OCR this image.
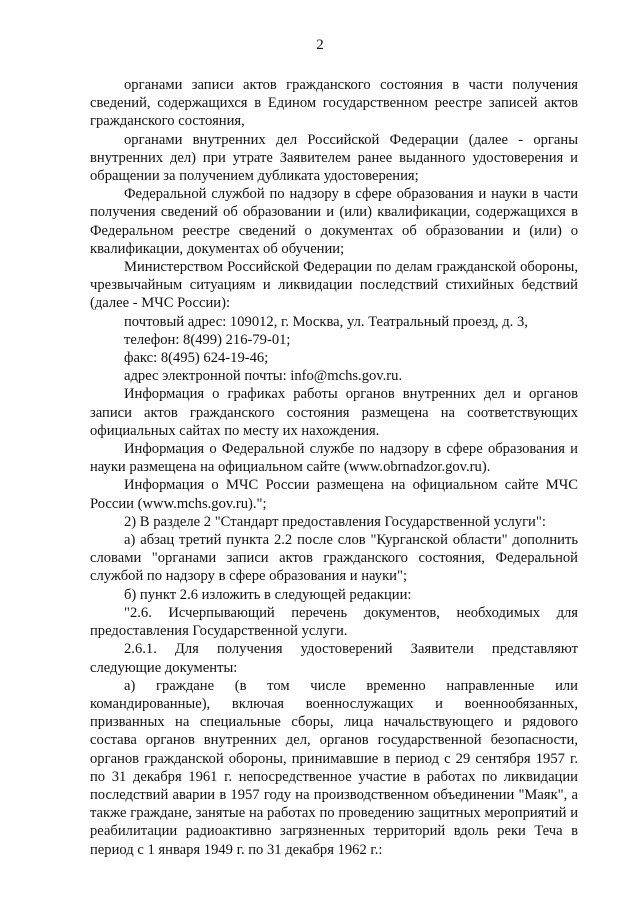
2

органами записи актов гражданского состояния в части получения сведений, содержащихся в Едином государственном реестре записей актов гражданского состояния,

органами внутренних дел Российской Федерации (далее - органы внутренних дел) при утрате Заявителем ранее выданного удостоверения и обращении за получением дубликата удостоверения;

Федеральной службой по надзору в сфере образования и науки в части получения сведений об образовании и (или) квалификации, содержащихся в Федеральном реестре сведений о документах об образовании и (или) о квалификации, документах об обучении;

Министерством Российской Федерации по делам гражданской обороны, чрезвычайным ситуациям и ликвидации последствий стихийных бедствий (далее - МЧС России):

почтовый адрес: 109012, г. Москва, ул. Театральный проезд, д. 3,

телефон: 8(499) 216-79-01;

факс: 8(495) 624-19-46;

адрес электронной почты: info@mchs.gov.ru.

Информация о графиках работы органов внутренних дел и органов записи актов гражданского состояния размещена на соответствующих официальных сайтах по месту их нахождения.

Информация о Федеральной службе по надзору в сфере образования и науки размещена на официальном сайте (www.obrnadzor.gov.ru).

Информация о МЧС России размещена на официальном сайте МЧС России (www.mchs.gov.ru).";

2) В разделе 2 "Стандарт предоставления Государственной услуги":

а) абзац третий пункта 2.2 после слов "Курганской области" дополнить словами "органами записи актов гражданского состояния, Федеральной службой по надзору в сфере образования и науки";

б) пункт 2.6 изложить в следующей редакции:

"2.6. Исчерпывающий перечень документов, необходимых для предоставления Государственной услуги.

2.6.1. Для получения удостоверений Заявители представляют следующие документы:

а) граждане (в том числе временно направленные или командированные), включая военнослужащих и военнообязанных, призванных на специальные сборы, лица начальствующего и рядового состава органов внутренних дел, органов государственной безопасности, органов гражданской обороны, принимавшие в период с 29 сентября 1957 г. по 31 декабря 1961 г. непосредственное участие в работах по ликвидации последствий аварии в 1957 году на производственном объединении "Маяк", а также граждане, занятые на работах по проведению защитных мероприятий и реабилитации радиоактивно загрязненных территорий вдоль реки Теча в период с 1 января 1949 г. по 31 декабря 1962 г.:
